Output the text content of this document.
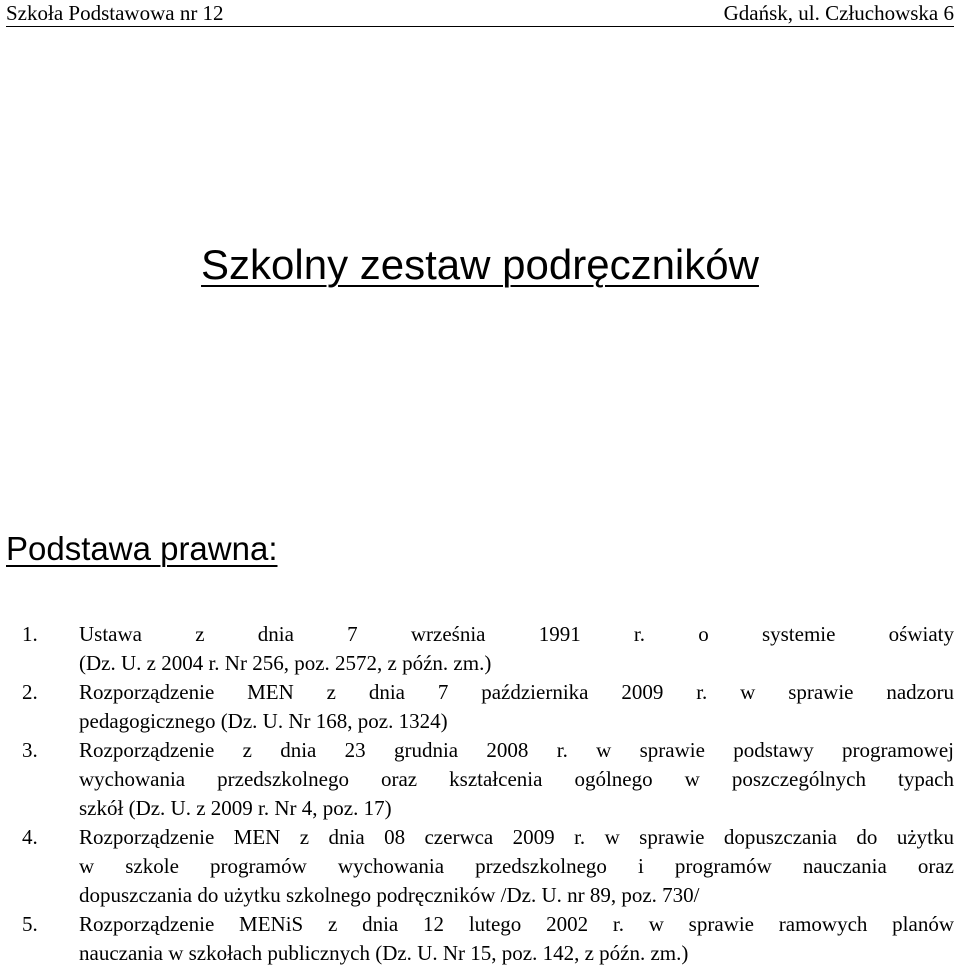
Szkoła Podstawowa nr 12	Gdańsk, ul. Człuchowska 6
Szkolny zestaw podręczników
Podstawa prawna:
1. Ustawa z dnia 7 września 1991 r. o systemie oświaty
(Dz. U. z 2004 r. Nr 256, poz. 2572, z późn. zm.)
2. Rozporządzenie MEN z dnia 7 października 2009 r. w sprawie nadzoru
pedagogicznego (Dz. U. Nr 168, poz. 1324)
3. Rozporządzenie z dnia 23 grudnia 2008 r. w sprawie podstawy programowej
wychowania przedszkolnego oraz kształcenia ogólnego w poszczególnych typach
szkół (Dz. U. z 2009 r. Nr 4, poz. 17)
4. Rozporządzenie MEN z dnia 08 czerwca 2009 r. w sprawie dopuszczania do użytku
w szkole programów wychowania przedszkolnego i programów nauczania oraz
dopuszczania do użytku szkolnego podręczników /Dz. U. nr 89, poz. 730/
5. Rozporządzenie MENiS z dnia 12 lutego 2002 r. w sprawie ramowych planów
nauczania w szkołach publicznych (Dz. U. Nr 15, poz. 142, z późn. zm.)
